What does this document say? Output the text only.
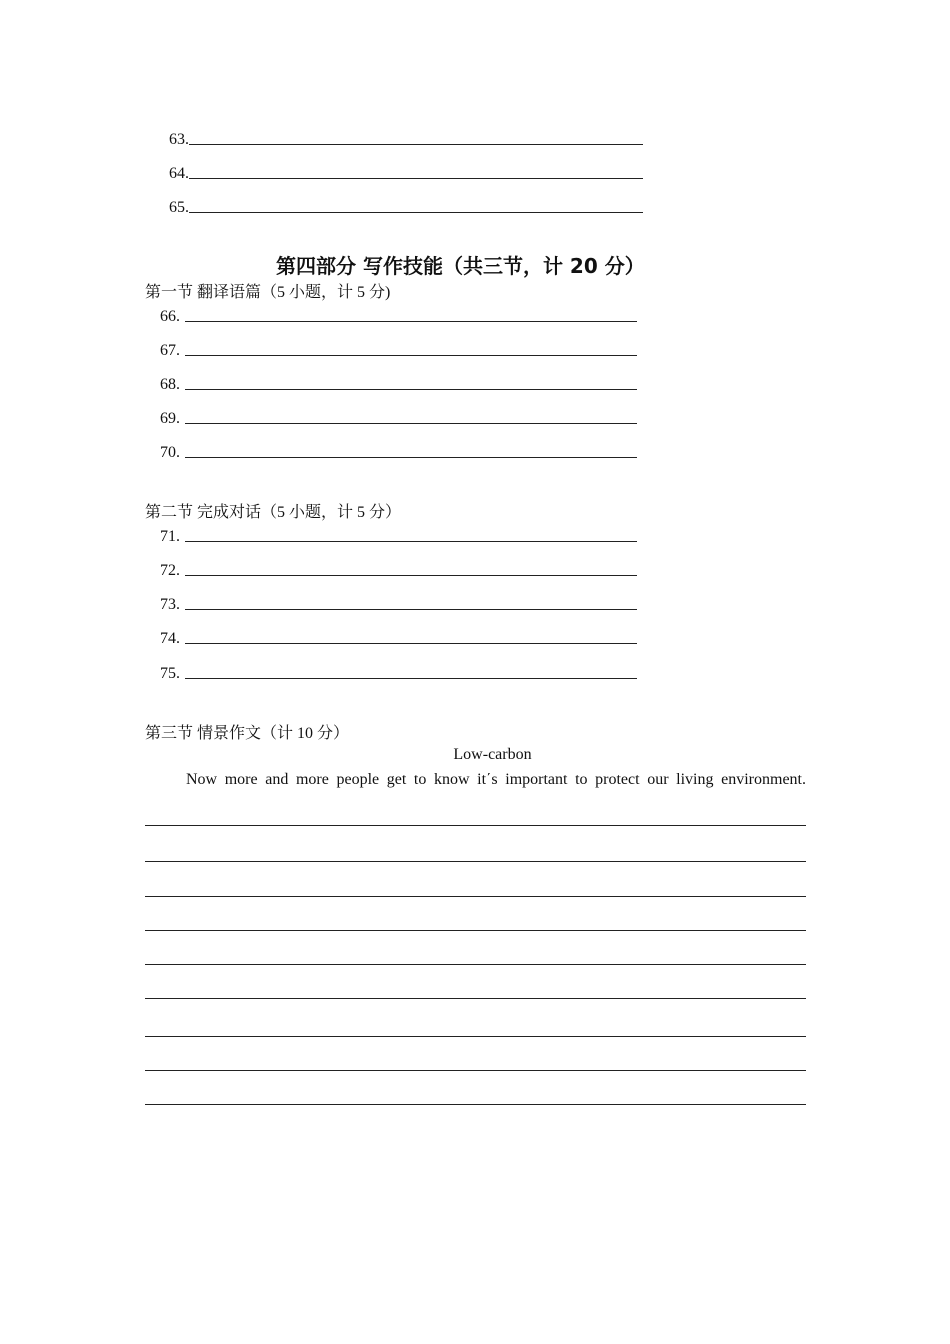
63.
64.
65.
第四部分 写作技能（共三节，计 20 分）
第一节 翻译语篇（5 小题，计 5 分)
66.
67.
68.
69.
70.
第二节 完成对话（5 小题，计 5 分）
71.
72.
73.
74.
75.
第三节 情景作文（计 10 分）
Low-carbon
Now more and more people get to know it΄s important to protect our living environment.
